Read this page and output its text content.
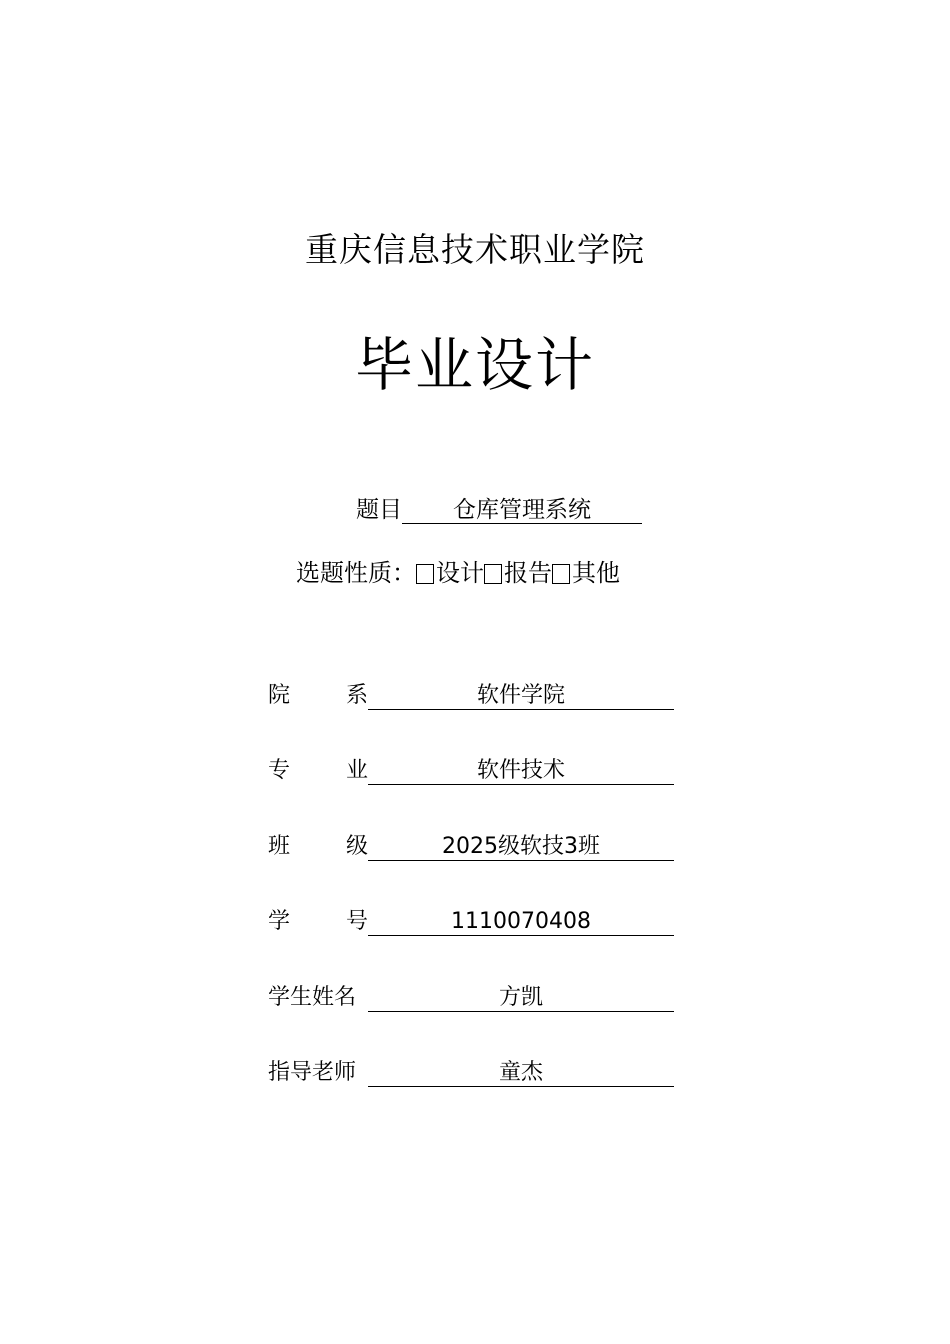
重庆信息技术职业学院
毕业设计
题目 仓库管理系统
选题性质： 设计 报告 其他
院	系	软件学院
专	业	软件技术
班	级	2025级软技3班
学	号	1110070408
学生姓名	方凯
指导老师	童杰
